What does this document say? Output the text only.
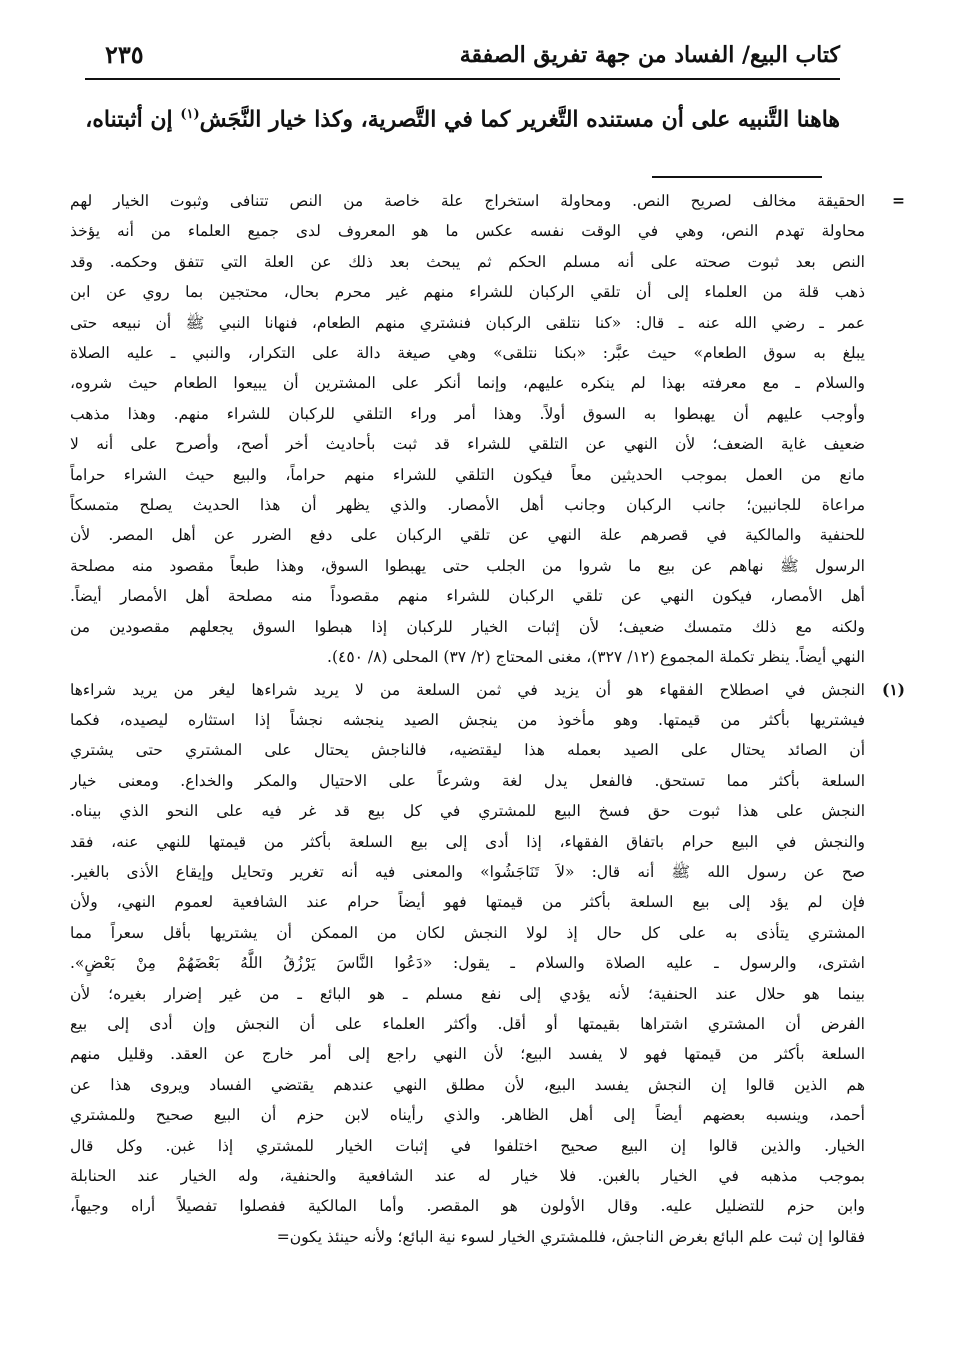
كتاب البيع/ الفساد من جهة تفريق الصفقة
٢٣٥
هاهنا التَّنبيه على أن مستنده التَّغرير كما في التَّصرية، وكذا خيار النَّجَش$^{(١)}$ إن أثبتناه،
=
الحقيقة مخالف لصريح النص. ومحاولة استخراج علة خاصة من النص تتنافى وثبوت الخيار لهم
محاولة تهدم النص، وهي في الوقت نفسه عكس ما هو المعروف لدى جميع العلماء من أنه يؤخذ
النص بعد ثبوت صحته على أنه مسلم الحكم ثم يبحث بعد ذلك عن العلة التي تتفق وحكمه. وقد
ذهب قلة من العلماء إلى أن تلقي الركبان للشراء منهم غير محرم بحال، محتجين بما روي عن ابن
عمر ـ رضي الله عنه ـ قال: «كنا نتلقى الركبان فنشتري منهم الطعام، فنهانا النبي ﷺ أن نبيعه حتى
يبلغ به سوق الطعام» حيث عبَّر: «بكنا نتلقى» وهي صيغة دالة على التكرار، والنبي ـ عليه الصلاة
والسلام ـ مع معرفته بهذا لم ينكره عليهم، وإنما أنكر على المشترين أن يبيعوا الطعام حيث شروه،
وأوجب عليهم أن يهبطوا به السوق أولاً. وهذا أمر وراء التلقي للركبان للشراء منهم. وهذا مذهب
ضعيف غاية الضعف؛ لأن النهي عن التلقي للشراء قد ثبت بأحاديث أخر أصح، وأصرح على أنه لا
مانع من العمل بموجب الحديثين معاً فيكون التلقي للشراء منهم حراماً، والبيع حيث الشراء حراماً
مراعاة للجانبين؛ جانب الركبان وجانب أهل الأمصار. والذي يظهر أن هذا الحديث يصلح متمسكاً
للحنفية والمالكية في قصرهم علة النهي عن تلقي الركبان على دفع الضرر عن أهل المصر. لأن
الرسول ﷺ نهاهم عن بيع ما شروا من الجلب حتى يهبطوا السوق، وهذا طبعاً مقصود منه مصلحة
أهل الأمصار، فيكون النهي عن تلقي الركبان للشراء منهم مقصوداً منه مصلحة أهل الأمصار أيضاً.
ولكنه مع ذلك متمسك ضعيف؛ لأن إثبات الخيار للركبان إذا هبطوا السوق يجعلهم مقصودين من
النهي أيضاً. ينظر تكملة المجموع (١٢/ ٣٢٧)، مغنى المحتاج (٢/ ٣٧) المحلى (٨/ ٤٥٠).
(١)
النجش في اصطلاح الفقهاء هو أن يزيد في ثمن السلعة من لا يريد شراءها ليغر من يريد شراءها
فيشتريها بأكثر من قيمتها. وهو مأخوذ من ينجش الصيد ينجشه نجشاً إذا استثاره ليصيده، فكما
أن الصائد يحتال على الصيد بعمله هذا ليقتضيه، فالناجش يحتال على المشتري حتى يشتري
السلعة بأكثر مما تستحق. فالفعل يدل لغة وشرعاً على الاحتيال والمكر والخداع. ومعنى خيار
النجش على هذا ثبوت حق فسخ البيع للمشتري في كل بيع قد غر فيه على النحو الذي بيناه.
والنجش في البيع حرام باتفاق الفقهاء، إذا أدى إلى بيع السلعة بأكثر من قيمتها للنهي عنه، فقد
صح عن رسول الله ﷺ أنه قال: «لاَ تَنَاجَشُوا» والمعنى فيه أنه تغرير وتحايل وإيقاع الأذى بالغير.
فإن لم يؤد إلى بيع السلعة بأكثر من قيمتها فهو أيضاً حرام عند الشافعية لعموم النهي، ولأن
المشتري يتأذى به على كل حال إذ لولا النجش لكان من الممكن أن يشتريها بأقل سعراً مما
اشترى، والرسول ـ عليه الصلاة والسلام ـ يقول: «دَعُوا النَّاسَ يَرْزُقُ اللَّهُ بَعْضَهُمْ مِنْ بَعْضٍ».
بينما هو حلال عند الحنفية؛ لأنه يؤدي إلى نفع مسلم ـ هو البائع ـ من غير إضرار بغيره؛ لأن
الفرض أن المشتري اشتراها بقيمتها أو أقل. وأكثر العلماء على أن النجش وإن أدى إلى بيع
السلعة بأكثر من قيمتها فهو لا يفسد البيع؛ لأن النهي راجع إلى أمر خارج عن العقد. وقليل منهم
هم الذين قالوا إن النجش يفسد البيع، لأن مطلق النهي عندهم يقتضي الفساد ويروى هذا عن
أحمد، وينسبه بعضهم أيضاً إلى أهل الظاهر. والذي رأيناه لابن حزم أن البيع صحيح وللمشتري
الخيار. والذين قالوا إن البيع صحيح اختلفوا في إثبات الخيار للمشتري إذا غبن. وكل قال
بموجب مذهبه في الخيار بالغبن. فلا خيار له عند الشافعية والحنفية، وله الخيار عند الحنابلة
وابن حزم للتضليل عليه. وقال الأولون هو المقصر. وأما المالكية ففصلوا تفصيلاً أراه وجيهاً،
فقالوا إن ثبت علم البائع بغرض الناجش، فللمشتري الخيار لسوء نية البائع؛ ولأنه حينئذ يكون=
